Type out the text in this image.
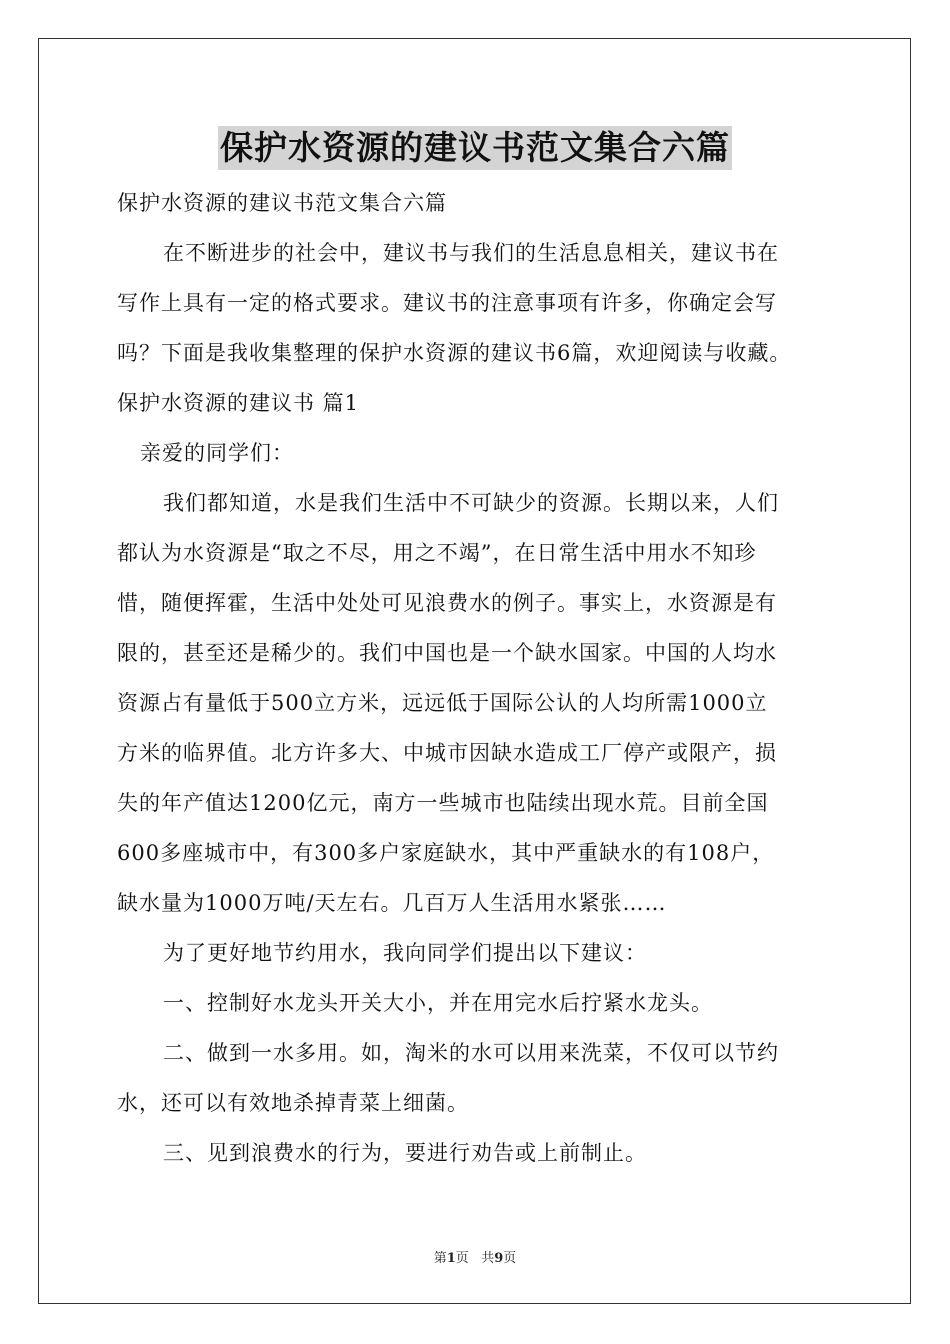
保护水资源的建议书范文集合六篇
保护水资源的建议书范文集合六篇
在不断进步的社会中，建议书与我们的生活息息相关，建议书在
写作上具有一定的格式要求。建议书的注意事项有许多，你确定会写
吗？下面是我收集整理的保护水资源的建议书6篇，欢迎阅读与收藏。
保护水资源的建议书 篇1
亲爱的同学们：
我们都知道，水是我们生活中不可缺少的资源。长期以来，人们
都认为水资源是“取之不尽，用之不竭”，在日常生活中用水不知珍
惜，随便挥霍，生活中处处可见浪费水的例子。事实上，水资源是有
限的，甚至还是稀少的。我们中国也是一个缺水国家。中国的人均水
资源占有量低于500立方米，远远低于国际公认的人均所需1000立
方米的临界值。北方许多大、中城市因缺水造成工厂停产或限产，损
失的年产值达1200亿元，南方一些城市也陆续出现水荒。目前全国
600多座城市中，有300多户家庭缺水，其中严重缺水的有108户，
缺水量为1000万吨/天左右。几百万人生活用水紧张……
为了更好地节约用水，我向同学们提出以下建议：
一、控制好水龙头开关大小，并在用完水后拧紧水龙头。
二、做到一水多用。如，淘米的水可以用来洗菜，不仅可以节约
水，还可以有效地杀掉青菜上细菌。
三、见到浪费水的行为，要进行劝告或上前制止。
第1页   共9页
